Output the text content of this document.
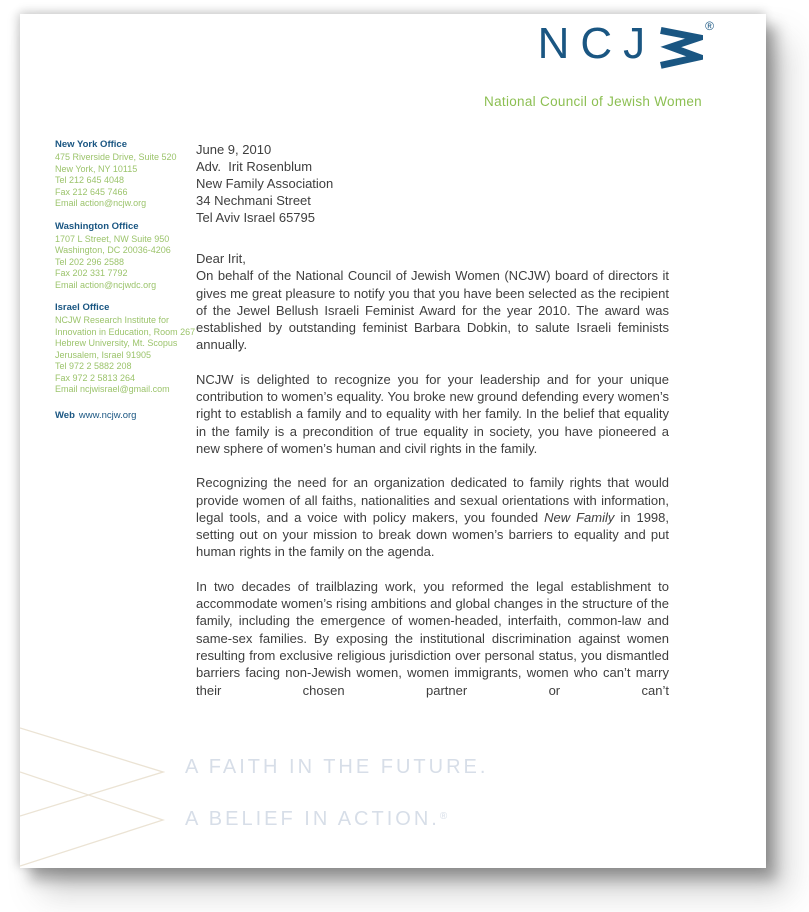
NCJ	®
National Council of Jewish Women
New York Office
475 Riverside Drive, Suite 520
New York, NY 10115
Tel 212 645 4048
Fax 212 645 7466
Email action@ncjw.org
Washington Office
1707 L Street, NW Suite 950
Washington, DC 20036-4206
Tel 202 296 2588
Fax 202 331 7792
Email action@ncjwdc.org
Israel Office
NCJW Research Institute for
Innovation in Education, Room 267
Hebrew University, Mt. Scopus
Jerusalem, Israel 91905
Tel 972 2 5882 208
Fax 972 2 5813 264
Email ncjwisrael@gmail.com
Web www.ncjw.org
June 9, 2010
Adv.  Irit Rosenblum
New Family Association
34 Nechmani Street
Tel Aviv Israel 65795
Dear Irit,

On behalf of the National Council of Jewish Women (NCJW) board of directors it gives me great pleasure to notify you that you have been selected as the recipient of the Jewel Bellush Israeli Feminist Award for the year 2010. The award was established by outstanding feminist Barbara Dobkin, to salute Israeli feminists annually.

NCJW is delighted to recognize you for your leadership and for your unique contribution to women’s equality. You broke new ground defending every women’s right to establish a family and to equality with her family. In the belief that equality in the family is a precondition of true equality in society, you have pioneered a new sphere of women’s human and civil rights in the family.

Recognizing the need for an organization dedicated to family rights that would provide women of all faiths, nationalities and sexual orientations with information, legal tools, and a voice with policy makers, you founded New Family in 1998, setting out on your mission to break down women’s barriers to equality and put human rights in the family on the agenda.

In two decades of trailblazing work, you reformed the legal establishment to accommodate women’s rising ambitions and global changes in the structure of the family, including the emergence of women-headed, interfaith, common-law and same-sex families. By exposing the institutional discrimination against women resulting from exclusive religious jurisdiction over personal status, you dismantled barriers facing non-Jewish women, women immigrants, women who can’t marry their chosen partner or can’t

A FAITH IN THE FUTURE.
A BELIEF IN ACTION.®
